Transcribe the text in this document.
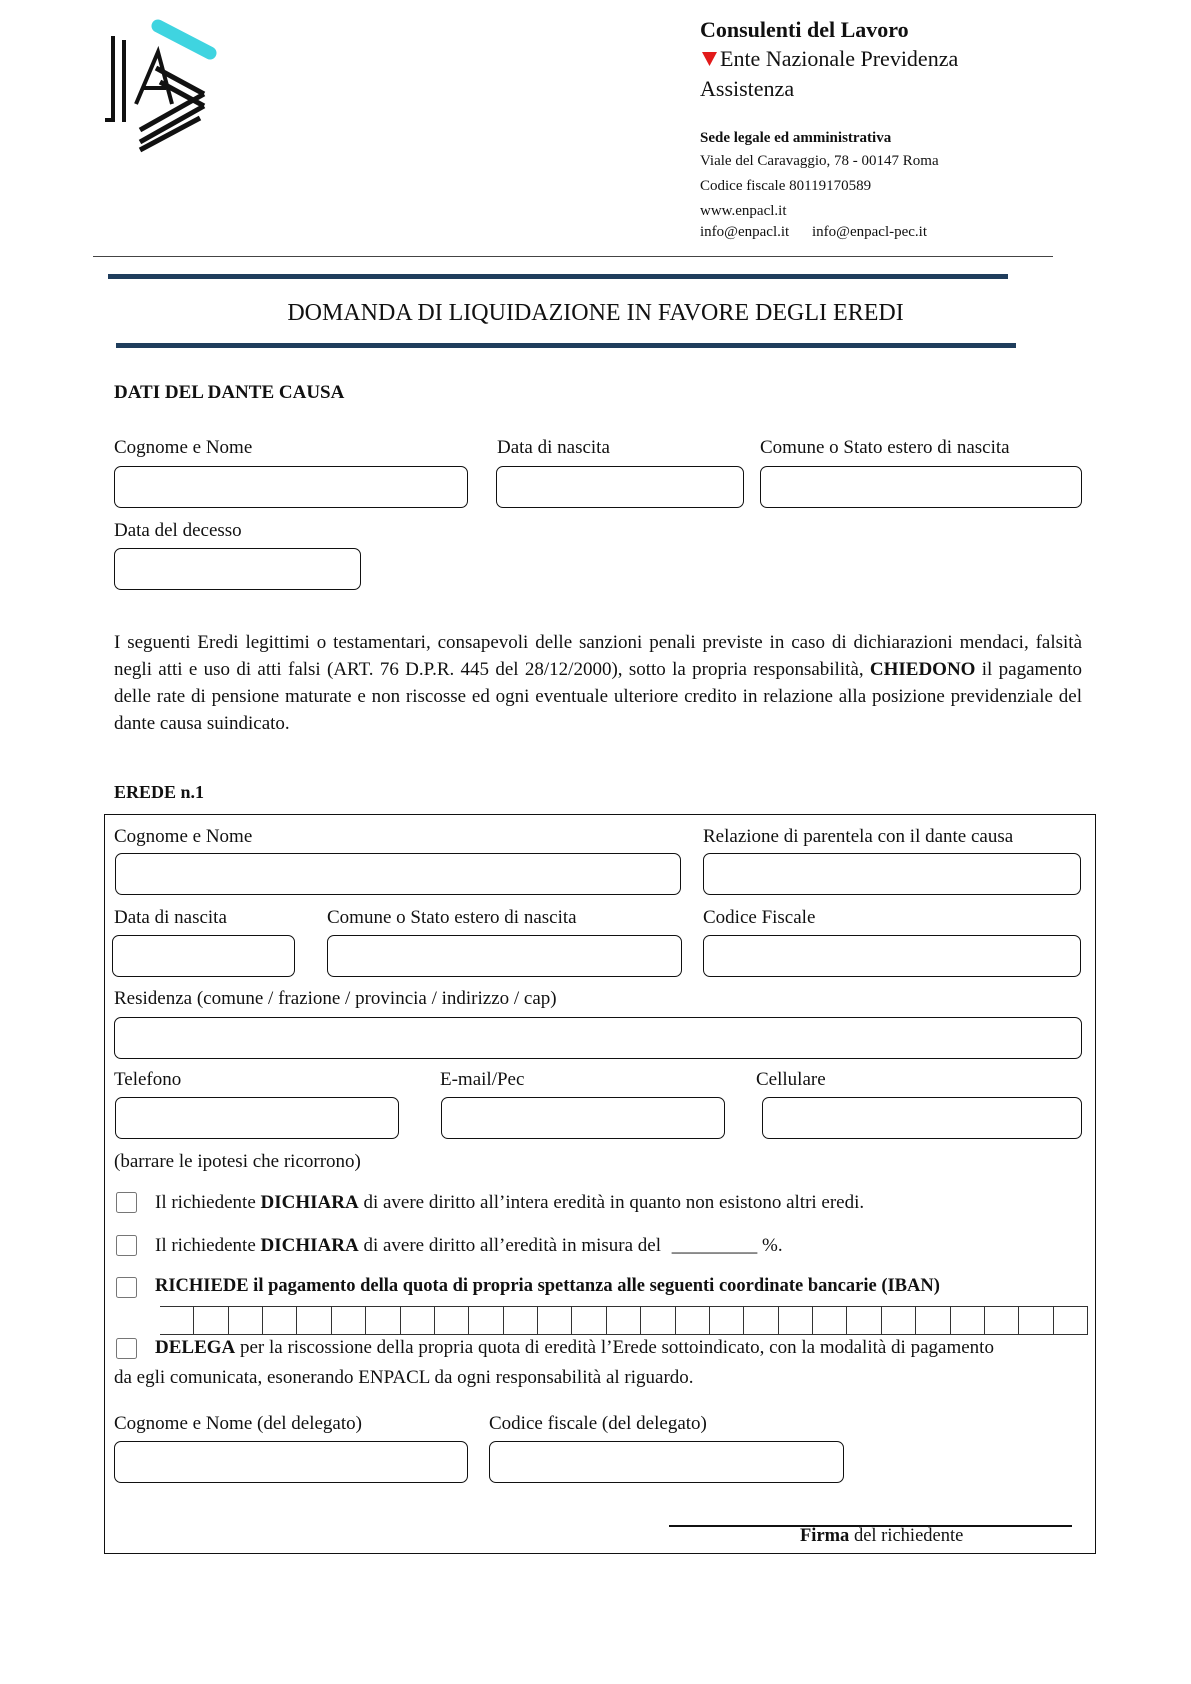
Consulenti del Lavoro
Ente Nazionale Previdenza
Assistenza
Sede legale ed amministrativa
Viale del Caravaggio, 78 - 00147 Roma
Codice fiscale 80119170589
www.enpacl.it
info@enpacl.it info@enpacl-pec.it
DOMANDA DI LIQUIDAZIONE IN FAVORE DEGLI EREDI
DATI DEL DANTE CAUSA
Cognome e Nome	Data di nascita	Comune o Stato estero di nascita
Data del decesso

I seguenti Eredi legittimi o testamentari, consapevoli delle sanzioni penali previste in caso di dichiarazioni mendaci, falsità negli atti e uso di atti falsi (ART. 76 D.P.R. 445 del 28/12/2000), sotto la propria responsabilità, CHIEDONO il pagamento delle rate di pensione maturate e non riscosse ed ogni eventuale ulteriore credito in relazione alla posizione previdenziale del dante causa suindicato.

EREDE n.1
Cognome e Nome	Relazione di parentela con il dante causa
Data di nascita	Comune o Stato estero di nascita	Codice Fiscale
Residenza (comune / frazione / provincia / indirizzo / cap)
Telefono	E-mail/Pec	Cellulare
(barrare le ipotesi che ricorrono)
Il richiedente DICHIARA di avere diritto all’intera eredità in quanto non esistono altri eredi.
Il richiedente DICHIARA di avere diritto all’eredità in misura del _________ %.
RICHIEDE il pagamento della quota di propria spettanza alle seguenti coordinate bancarie (IBAN)
DELEGA per la riscossione della propria quota di eredità l’Erede sottoindicato, con la modalità di pagamento
da egli comunicata, esonerando ENPACL da ogni responsabilità al riguardo.
Cognome e Nome (del delegato)	Codice fiscale (del delegato)
Firma del richiedente
